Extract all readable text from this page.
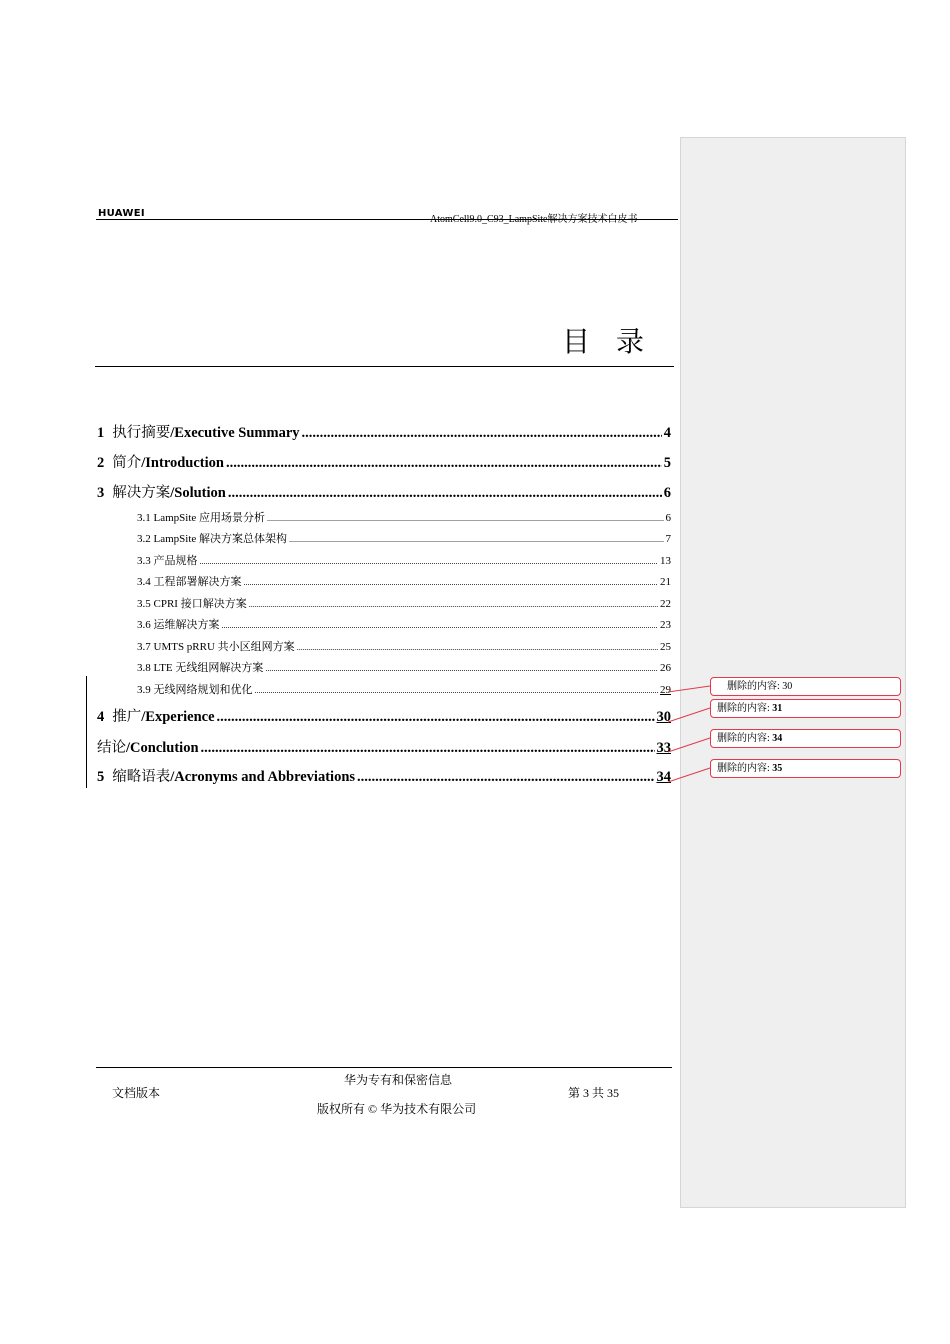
HUAWEI
目录
1 执行摘要 /Executive Summary .....	4
2 简介 /Introduction .....	5
3 解决方案 /Solution .....	6
3.1 LampSite 应用场景分析 .....	6
3.2 LampSite 解决方案总体架构 .....	7
3.3 产品规格 .....	13
3.4 工程部署解决方案 .....	21
3.5 CPRI 接口解决方案 .....	22
3.6 运维解决方案 .....	23
3.7 UMTS pRRU 共小区组网方案 .....	25
3.8 LTE 无线组网解决方案 .....	26
3.9 无线网络规划和优化 .....	29
4 推广 /Experience .....	30
结论 /Conclution .....	33
5 缩略语表 /Acronyms and Abbreviations .....	34
删除的内容: 30
删除的内容: 31
删除的内容: 34
删除的内容: 35
华为专有和保密信息
文档版本	第 3 共 35
版权所有 © 华为技术有限公司
